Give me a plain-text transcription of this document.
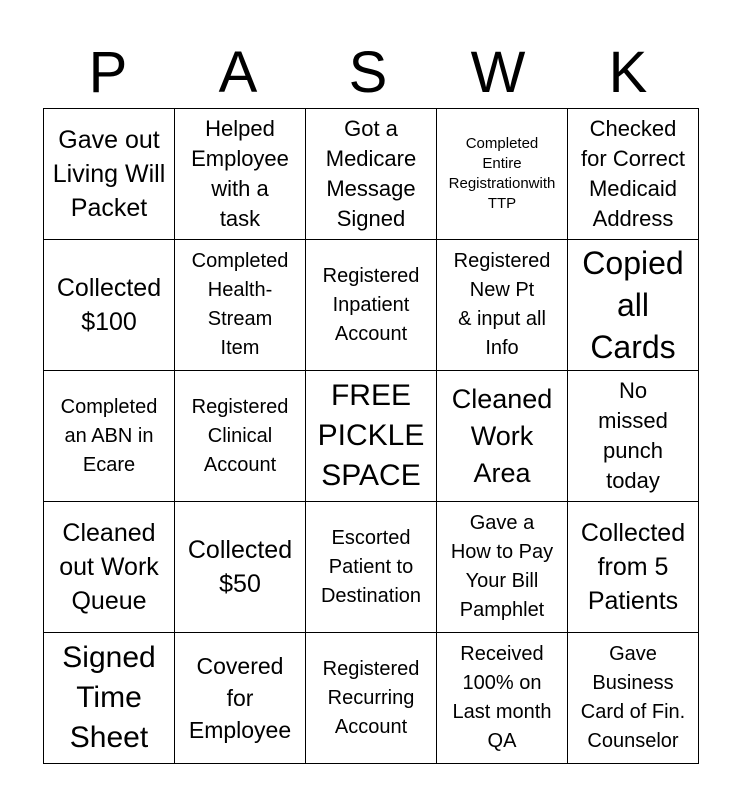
P	A	S	W	K
Gave out
Living Will
Packet	Helped
Employee
with a
task	Got a
Medicare
Message
Signed	Completed
Entire
Registrationwith
TTP	Checked
for Correct
Medicaid
Address

Collected
$100	Completed
Health-
Stream
Item	Registered
Inpatient
Account	Registered
New Pt
& input all
Info	Copied
all
Cards

Completed
an ABN in
Ecare	Registered
Clinical
Account	FREE
PICKLE
SPACE	Cleaned
Work
Area	No
missed
punch
today

Cleaned
out Work
Queue	Collected
$50	Escorted
Patient to
Destination	Gave a
How to Pay
Your Bill
Pamphlet	Collected
from 5
Patients

Signed
Time
Sheet	Covered
for
Employee	Registered
Recurring
Account	Received
100% on
Last month
QA	Gave
Business
Card of Fin.
Counselor
